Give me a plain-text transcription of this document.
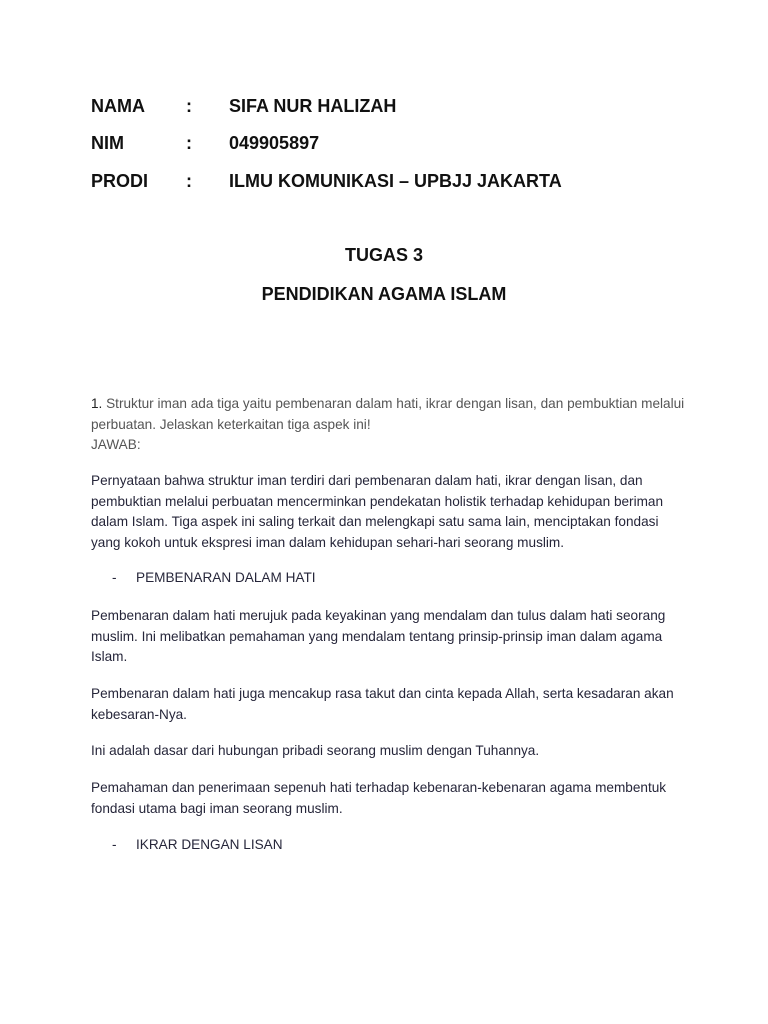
NAMA	:	SIFA NUR HALIZAH
NIM	:	049905897
PRODI	:	ILMU KOMUNIKASI – UPBJJ JAKARTA
TUGAS 3
PENDIDIKAN AGAMA ISLAM

1. Struktur iman ada tiga yaitu pembenaran dalam hati, ikrar dengan lisan, dan pembuktian melalui perbuatan. Jelaskan keterkaitan tiga aspek ini!

JAWAB:

Pernyataan bahwa struktur iman terdiri dari pembenaran dalam hati, ikrar dengan lisan, dan pembuktian melalui perbuatan mencerminkan pendekatan holistik terhadap kehidupan beriman dalam Islam. Tiga aspek ini saling terkait dan melengkapi satu sama lain, menciptakan fondasi yang kokoh untuk ekspresi iman dalam kehidupan sehari-hari seorang muslim.
-	PEMBENARAN DALAM HATI
Pembenaran dalam hati merujuk pada keyakinan yang mendalam dan tulus dalam hati seorang muslim. Ini melibatkan pemahaman yang mendalam tentang prinsip-prinsip iman dalam agama Islam.
Pembenaran dalam hati juga mencakup rasa takut dan cinta kepada Allah, serta kesadaran akan kebesaran-Nya.
Ini adalah dasar dari hubungan pribadi seorang muslim dengan Tuhannya.
Pemahaman dan penerimaan sepenuh hati terhadap kebenaran-kebenaran agama membentuk fondasi utama bagi iman seorang muslim.
-	IKRAR DENGAN LISAN
